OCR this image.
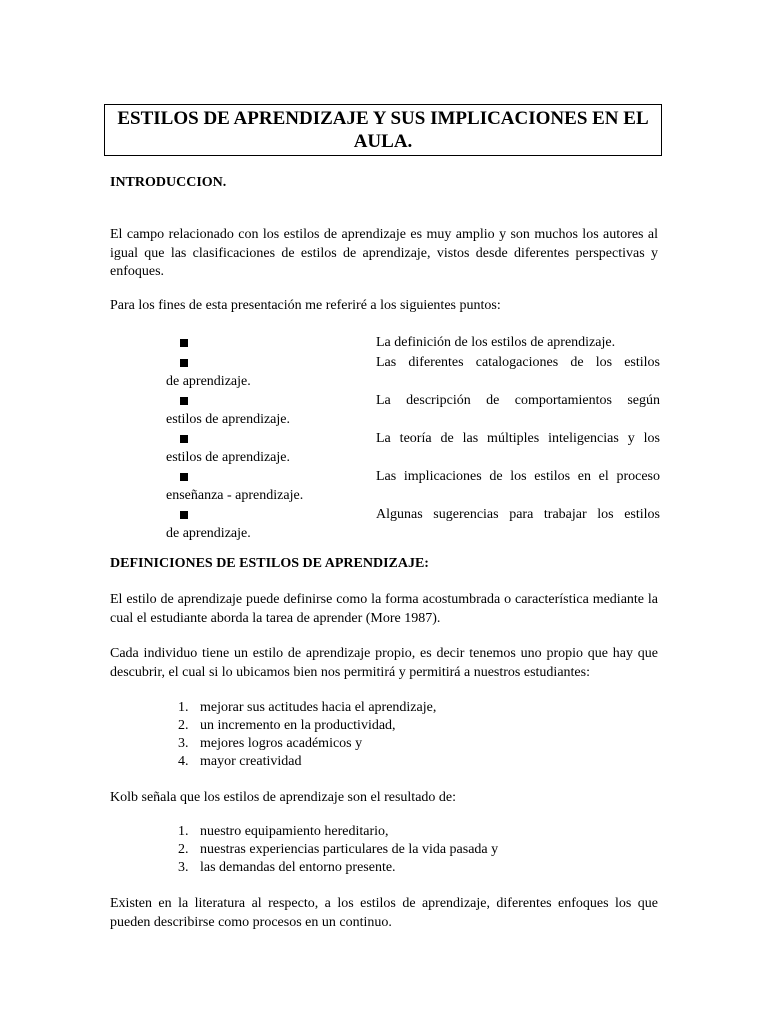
ESTILOS DE APRENDIZAJE Y SUS IMPLICACIONES EN EL AULA.
INTRODUCCION.
El campo relacionado con los estilos de aprendizaje es muy amplio y son muchos los autores al igual que las clasificaciones de estilos de aprendizaje, vistos desde diferentes perspectivas y enfoques.
Para los fines de esta presentación me referiré a los siguientes puntos:
La definición de los estilos de aprendizaje.
Las diferentes catalogaciones de los estilos
de aprendizaje.
La descripción de comportamientos según
estilos de aprendizaje.
La teoría de las múltiples inteligencias y los
estilos de aprendizaje.
Las implicaciones de los estilos en el proceso
enseñanza - aprendizaje.
Algunas sugerencias para trabajar los estilos
de aprendizaje.
DEFINICIONES DE ESTILOS DE APRENDIZAJE:
El estilo de aprendizaje puede definirse como la forma acostumbrada o característica mediante la cual el estudiante aborda la tarea de aprender (More 1987).
Cada individuo tiene un estilo de aprendizaje propio, es decir tenemos uno propio que hay que descubrir, el cual si lo ubicamos bien nos permitirá y permitirá a nuestros estudiantes:
1. mejorar sus actitudes hacia el aprendizaje,
2. un incremento en la productividad,
3. mejores logros académicos y
4. mayor creatividad
Kolb señala que los estilos de aprendizaje son el resultado de:
1. nuestro equipamiento hereditario,
2. nuestras experiencias particulares de la vida pasada y
3. las demandas del entorno presente.
Existen en la literatura al respecto, a los estilos de aprendizaje, diferentes enfoques los que pueden describirse como procesos en un continuo.
